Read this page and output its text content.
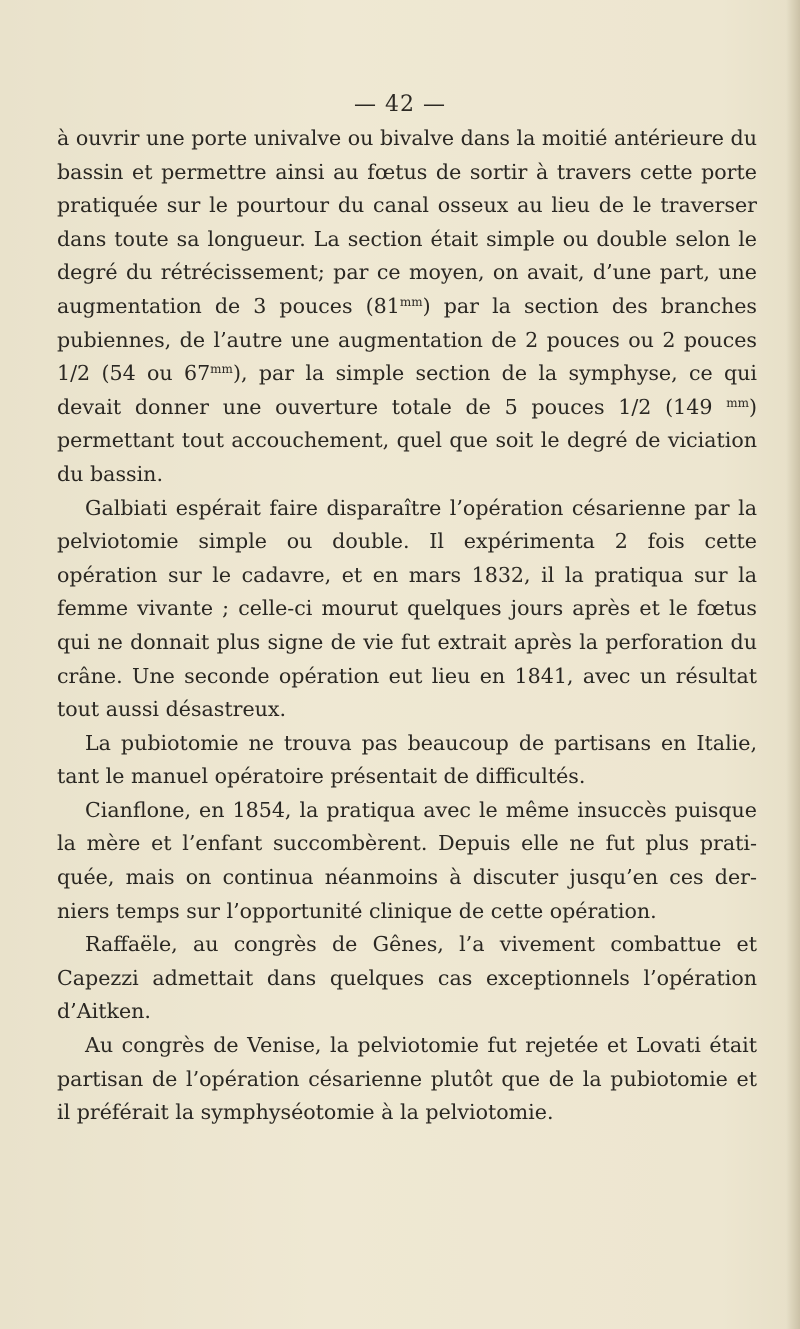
— 42 —

à ouvrir une porte univalve ou bivalve dans la moitié antérieure du bassin et permettre ainsi au fœtus de sortir à travers cette porte pratiquée sur le pourtour du canal osseux au lieu de le traverser dans toute sa longueur. La section était simple ou double selon le degré du rétrécissement; par ce moyen, on avait, d’une part, une augmentation de 3 pouces $(81^{mm})$ par la section des branches pubiennes, de l’autre une augmentation de 2 pouces ou 2 pouces 1/2 (54 ou $67^{mm}$), par la simple section de la symphyse, ce qui devait donner une ouverture totale de 5 pouces 1/2 (149 $^{mm}$) permettant tout accouchement, quel que soit le degré de viciation du bassin.

Galbiati espérait faire disparaître l’opération césarienne par la pelviotomie simple ou double. Il expérimenta 2 fois cette opération sur le cadavre, et en mars 1832, il la pratiqua sur la femme vivante ; celle-ci mourut quelques jours après et le fœtus qui ne donnait plus signe de vie fut extrait après la perforation du crâne. Une seconde opération eut lieu en 1841, avec un résultat tout aussi désastreux.

La pubiotomie ne trouva pas beaucoup de partisans en Italie, tant le manuel opératoire présentait de difficultés.

Cianflone, en 1854, la pratiqua avec le même insuccès puisque la mère et l’enfant succombèrent. Depuis elle ne fut plus pratiquée, mais on continua néanmoins à discuter jusqu’en ces derniers temps sur l’opportunité clinique de cette opération.

Raffaële, au congrès de Gênes, l’a vivement combattue et Capezzi admettait dans quelques cas exceptionnels l’opération d’Aitken.

Au congrès de Venise, la pelviotomie fut rejetée et Lovati était partisan de l’opération césarienne plutôt que de la pubiotomie et il préférait la symphyséotomie à la pelviotomie.
